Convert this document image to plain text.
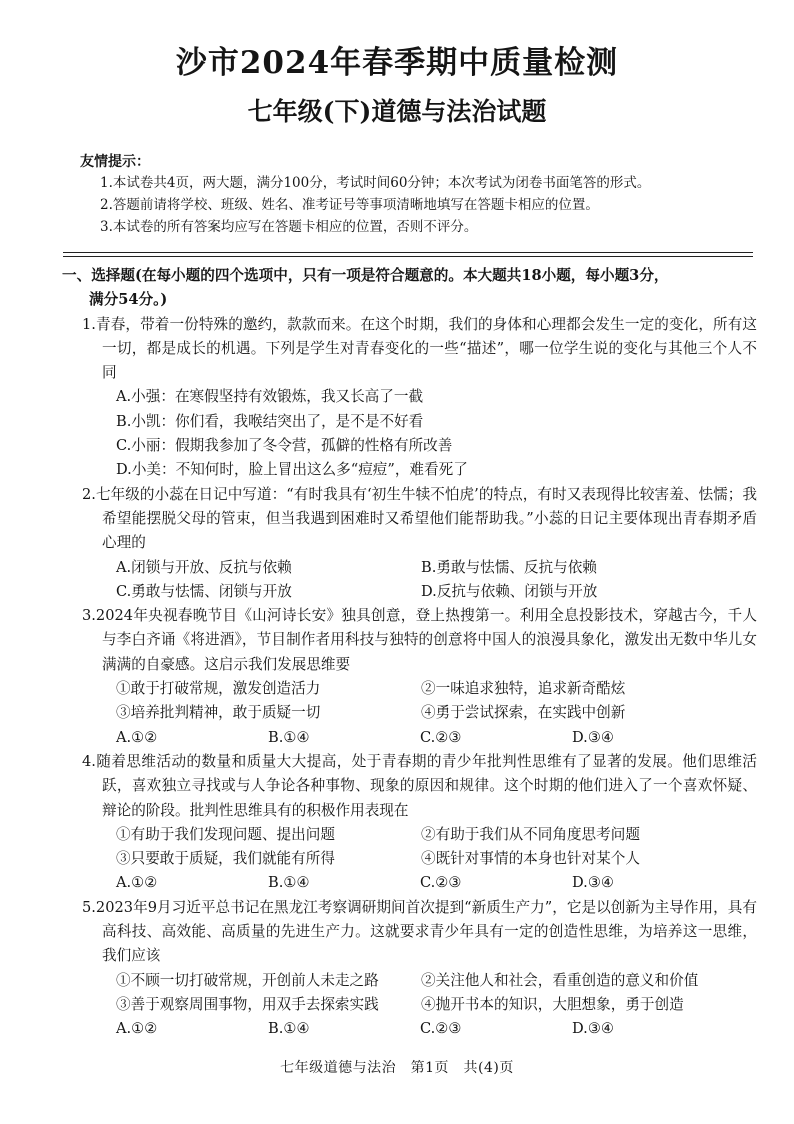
沙市2024年春季期中质量检测
七年级(下)道德与法治试题
友情提示：
1.本试卷共4页，两大题，满分100分，考试时间60分钟；本次考试为闭卷书面笔答的形式。
2.答题前请将学校、班级、姓名、准考证号等事项清晰地填写在答题卡相应的位置。
3.本试卷的所有答案均应写在答题卡相应的位置，否则不评分。
一、选择题(在每小题的四个选项中，只有一项是符合题意的。本大题共18小题，每小题3分，
满分54分。)
1.青春，带着一份特殊的邀约，款款而来。在这个时期，我们的身体和心理都会发生一定的变化，所有这一切，都是成长的机遇。下列是学生对青春变化的一些“描述”，哪一位学生说的变化与其他三个人不同
A.小强：在寒假坚持有效锻炼，我又长高了一截
B.小凯：你们看，我喉结突出了，是不是不好看
C.小丽：假期我参加了冬令营，孤僻的性格有所改善
D.小美：不知何时，脸上冒出这么多“痘痘”，难看死了
2.七年级的小蕊在日记中写道：“有时我具有‘初生牛犊不怕虎’的特点，有时又表现得比较害羞、怯懦；我希望能摆脱父母的管束，但当我遇到困难时又希望他们能帮助我。”小蕊的日记主要体现出青春期矛盾心理的
A.闭锁与开放、反抗与依赖	B.勇敢与怯懦、反抗与依赖
C.勇敢与怯懦、闭锁与开放	D.反抗与依赖、闭锁与开放
3.2024年央视春晚节目《山河诗长安》独具创意，登上热搜第一。利用全息投影技术，穿越古今，千人与李白齐诵《将进酒》，节目制作者用科技与独特的创意将中国人的浪漫具象化，激发出无数中华儿女满满的自豪感。这启示我们发展思维要
①敢于打破常规，激发创造活力	②一味追求独特，追求新奇酷炫
③培养批判精神，敢于质疑一切	④勇于尝试探索，在实践中创新
A.①②	B.①④	C.②③	D.③④
4.随着思维活动的数量和质量大大提高，处于青春期的青少年批判性思维有了显著的发展。他们思维活跃，喜欢独立寻找或与人争论各种事物、现象的原因和规律。这个时期的他们进入了一个喜欢怀疑、辩论的阶段。批判性思维具有的积极作用表现在
①有助于我们发现问题、提出问题	②有助于我们从不同角度思考问题
③只要敢于质疑，我们就能有所得	④既针对事情的本身也针对某个人
A.①②	B.①④	C.②③	D.③④
5.2023年9月习近平总书记在黑龙江考察调研期间首次提到“新质生产力”，它是以创新为主导作用，具有高科技、高效能、高质量的先进生产力。这就要求青少年具有一定的创造性思维，为培养这一思维，我们应该
①不顾一切打破常规，开创前人未走之路	②关注他人和社会，看重创造的意义和价值
③善于观察周围事物，用双手去探索实践	④抛开书本的知识，大胆想象，勇于创造
A.①②	B.①④	C.②③	D.③④
七年级道德与法治　第1页　共(4)页
